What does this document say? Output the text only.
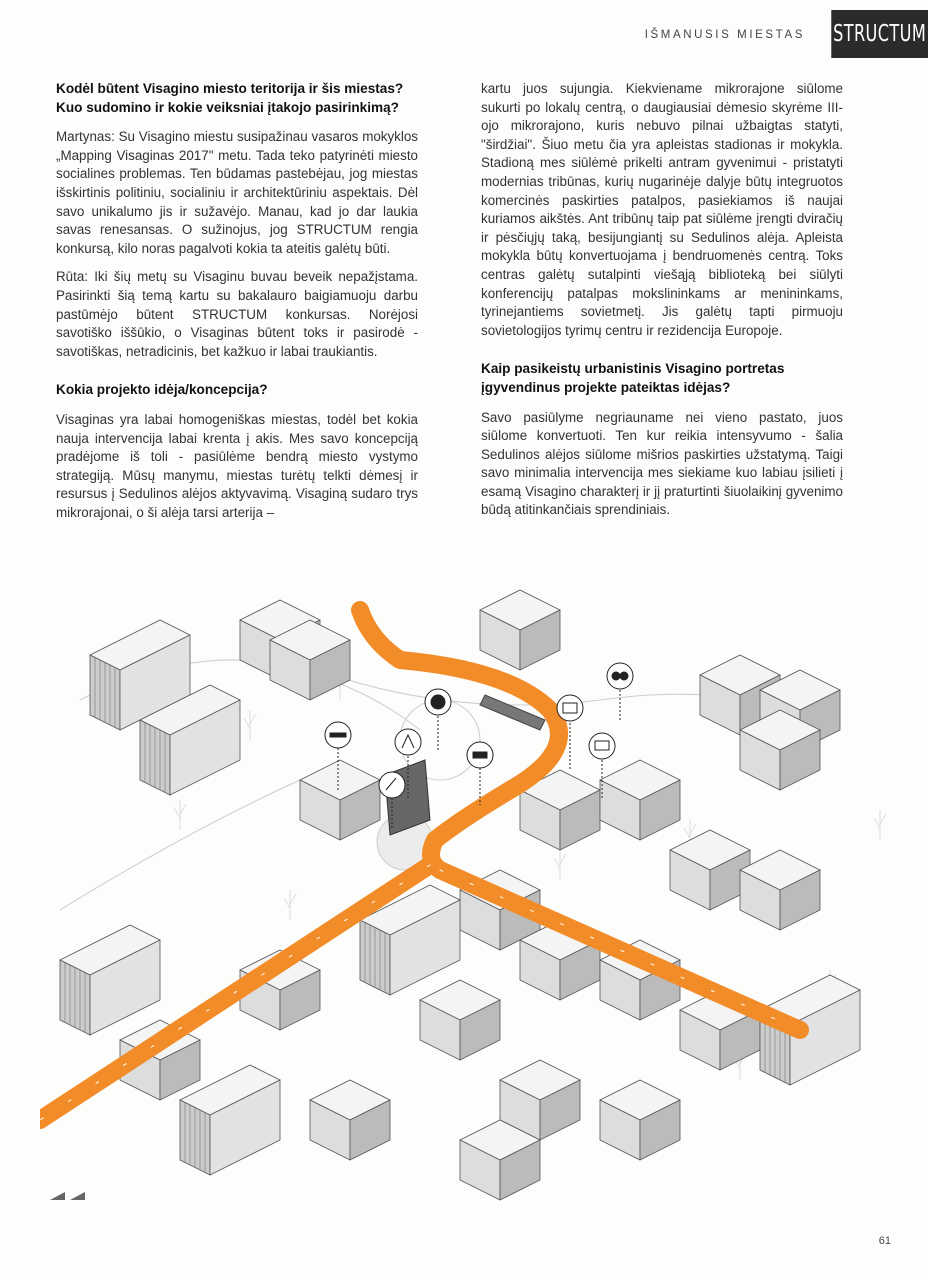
IŠMANUSIS MIESTAS STRUCTUM
Kodėl būtent Visagino miesto teritorija ir šis miestas? Kuo sudomino ir kokie veiksniai įtakojo pasirinkimą?

Martynas: Su Visagino miestu susipažinau vasaros mokyklos „Mapping Visaginas 2017" metu. Tada teko patyrinėti miesto socialines problemas. Ten būdamas pastebėjau, jog miestas išskirtinis politiniu, socialiniu ir architektūriniu aspektais. Dėl savo unikalumo jis ir sužavėjo. Manau, kad jo dar laukia savas renesansas. O sužinojus, jog STRUCTUM rengia konkursą, kilo noras pagalvoti kokia ta ateitis galėtų būti.

Rūta: Iki šių metų su Visaginu buvau beveik nepažįstama. Pasirinkti šią temą kartu su bakalauro baigiamuoju darbu pastūmėjo būtent STRUCTUM konkursas. Norėjosi savotiško iššūkio, o Visaginas būtent toks ir pasirodė - savotiškas, netradicinis, bet kažkuo ir labai traukiantis.

Kokia projekto idėja/koncepcija?

Visaginas yra labai homogeniškas miestas, todėl bet kokia nauja intervencija labai krenta į akis. Mes savo koncepciją pradėjome iš toli - pasiūlėme bendrą miesto vystymo strategiją. Mūsų manymu, miestas turėtų telkti dėmesį ir resursus į Sedulinos alėjos aktyvavimą. Visaginą sudaro trys mikrorajonai, o ši alėja tarsi arterija –

kartu juos sujungia. Kiekvienamе mikrorajone siūlome sukurti po lokalų centrą, o daugiausiai dėmesio skyrėme III-ojo mikrorajono, kuris nebuvo pilnai užbaigtas statyti, "širdžiai". Šiuo metu čia yra apleistas stadionas ir mokykla. Stadioną mes siūlėmė prikelti antram gyvenimui - pristatyti modernias tribūnas, kurių nugarinėje dalyje būtų integruotos komercinės paskirties patalpos, pasiekiamos iš naujai kuriamos aikštės. Ant tribūnų taip pat siūlėme įrengti dviračių ir pėsčiųjų taką, besijungiantį su Sedulinos alėja. Apleista mokykla būtų konvertuojama į bendruomenės centrą. Toks centras galėtų sutalpinti viešąją biblioteką bei siūlyti konferencijų patalpas mokslininkams ar menininkams, tyrinejantiems sovietmetį. Jis galėtų tapti pirmuoju sovietologijos tyrimų centru ir rezidencija Europoje.

Kaip pasikeistų urbanistinis Visagino portretas įgyvendinus projekte pateiktas idėjas?

Savo pasiūlyme negriauname nei vieno pastato, juos siūlome konvertuoti. Ten kur reikia intensyvumo - šalia Sedulinos alėjos siūlome mišrios paskirties užstatymą. Taigi savo minimalia intervencija mes siekiame kuo labiau įsilieti į esamą Visagino charakterį ir jį praturtinti šiuolaikinį gyvenimo būdą atitinkančiais sprendiniais.

61
